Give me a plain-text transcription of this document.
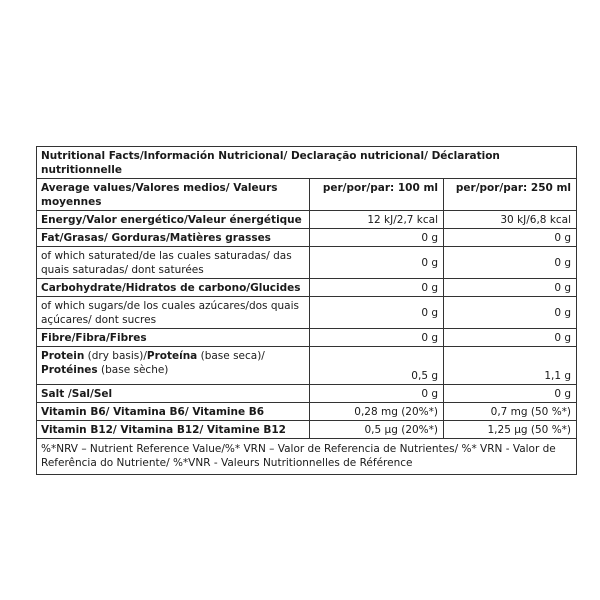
Nutritional Facts/Información Nutricional/ Declaração nutricional/ Déclaration nutritionnelle		
Average values/Valores medios/ Valeurs moyennes	per/por/par: 100 ml	per/por/par: 250 ml
Energy/Valor energético/Valeur énergétique	12 kJ/2,7 kcal	30 kJ/6,8 kcal
Fat/Grasas/ Gorduras/Matières grasses	0 g	0 g
of which saturated/de las cuales saturadas/ das quais saturadas/ dont saturées	0 g	0 g
Carbohydrate/Hidratos de carbono/Glucides	0 g	0 g
of which sugars/de los cuales azúcares/dos quais açúcares/ dont sucres	0 g	0 g
Fibre/Fibra/Fibres	0 g	0 g
Protein (dry basis)/Proteína (base seca)/
Protéines (base sèche)	0,5 g	1,1 g
Salt /Sal/Sel	0 g	0 g
Vitamin B6/ Vitamina B6/ Vitamine B6	0,28 mg (20%*)	0,7 mg (50 %*)
Vitamin B12/ Vitamina B12/ Vitamine B12	0,5 µg (20%*)	1,25 µg (50 %*)
%*NRV – Nutrient Reference Value/%* VRN – Valor de Referencia de Nutrientes/ %* VRN - Valor de Referência do Nutriente/ %*VNR - Valeurs Nutritionnelles de Référence		
